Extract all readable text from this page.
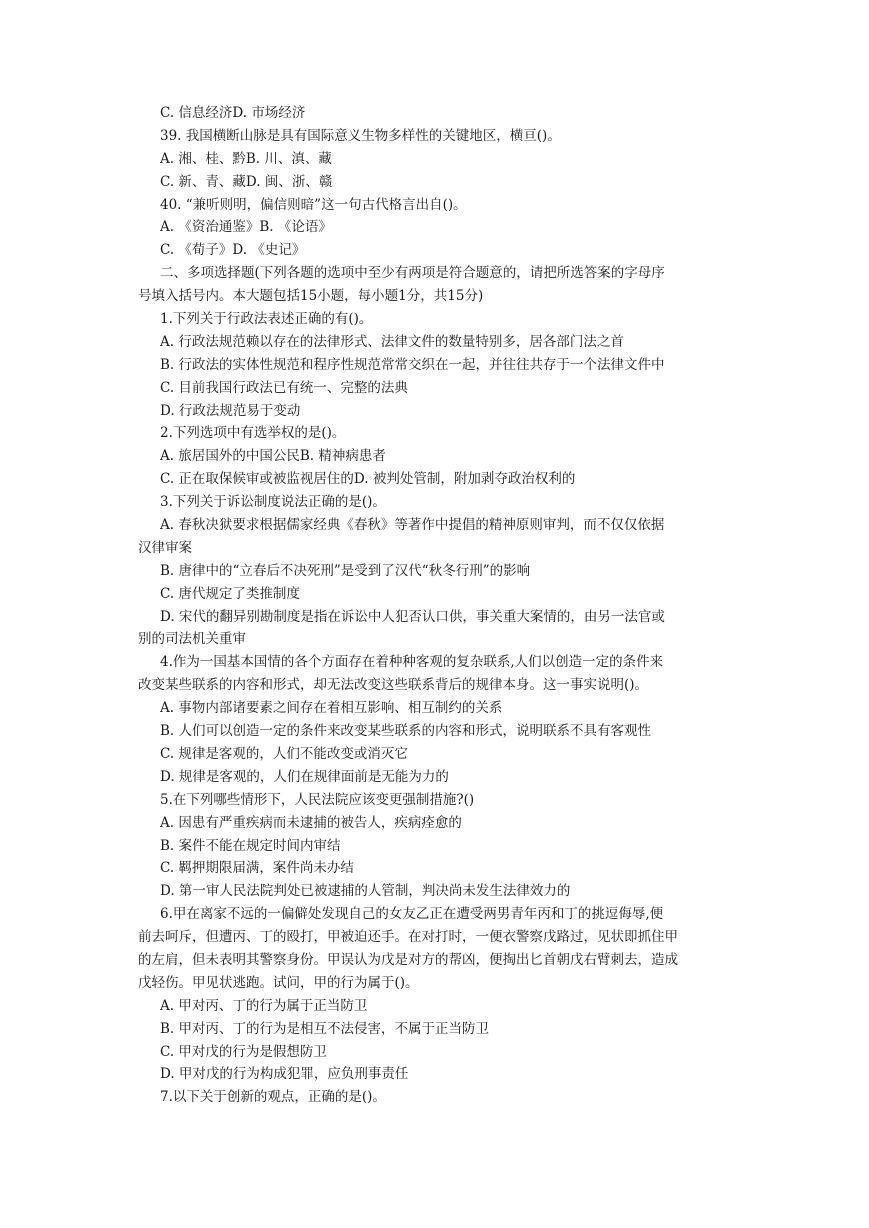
C. 信息经济D. 市场经济
39. 我国横断山脉是具有国际意义生物多样性的关键地区，横亘()。
A. 湘、桂、黔B. 川、滇、藏
C. 新、青、藏D. 闽、浙、赣
40. “兼听则明，偏信则暗”这一句古代格言出自()。
A. 《资治通鉴》B. 《论语》
C. 《荀子》D. 《史记》
二、多项选择题(下列各题的选项中至少有两项是符合题意的，请把所选答案的字母序
号填入括号内。本大题包括15小题，每小题1分，共15分)
1.下列关于行政法表述正确的有()。
A. 行政法规范赖以存在的法律形式、法律文件的数量特别多，居各部门法之首
B. 行政法的实体性规范和程序性规范常常交织在一起，并往往共存于一个法律文件中
C. 目前我国行政法已有统一、完整的法典
D. 行政法规范易于变动
2.下列选项中有选举权的是()。
A. 旅居国外的中国公民B. 精神病患者
C. 正在取保候审或被监视居住的D. 被判处管制，附加剥夺政治权利的
3.下列关于诉讼制度说法正确的是()。
A. 春秋决狱要求根据儒家经典《春秋》等著作中提倡的精神原则审判，而不仅仅依据
汉律审案
B. 唐律中的“立春后不决死刑”是受到了汉代“秋冬行刑”的影响
C. 唐代规定了类推制度
D. 宋代的翻异别勘制度是指在诉讼中人犯否认口供，事关重大案情的，由另一法官或
别的司法机关重审
4.作为一国基本国情的各个方面存在着种种客观的复杂联系,人们以创造一定的条件来
改变某些联系的内容和形式，却无法改变这些联系背后的规律本身。这一事实说明()。
A. 事物内部诸要素之间存在着相互影响、相互制约的关系
B. 人们可以创造一定的条件来改变某些联系的内容和形式，说明联系不具有客观性
C. 规律是客观的，人们不能改变或消灭它
D. 规律是客观的，人们在规律面前是无能为力的
5.在下列哪些情形下，人民法院应该变更强制措施?()
A. 因患有严重疾病而未逮捕的被告人，疾病痊愈的
B. 案件不能在规定时间内审结
C. 羁押期限届满，案件尚未办结
D. 第一审人民法院判处已被逮捕的人管制，判决尚未发生法律效力的
6.甲在离家不远的一偏僻处发现自己的女友乙正在遭受两男青年丙和丁的挑逗侮辱,便
前去呵斥，但遭丙、丁的殴打，甲被迫还手。在对打时，一便衣警察戊路过，见状即抓住甲
的左肩，但未表明其警察身份。甲误认为戊是对方的帮凶，便掏出匕首朝戊右臂刺去，造成
戊轻伤。甲见状逃跑。试问，甲的行为属于()。
A. 甲对丙、丁的行为属于正当防卫
B. 甲对丙、丁的行为是相互不法侵害，不属于正当防卫
C. 甲对戊的行为是假想防卫
D. 甲对戊的行为构成犯罪，应负刑事责任
7.以下关于创新的观点，正确的是()。
